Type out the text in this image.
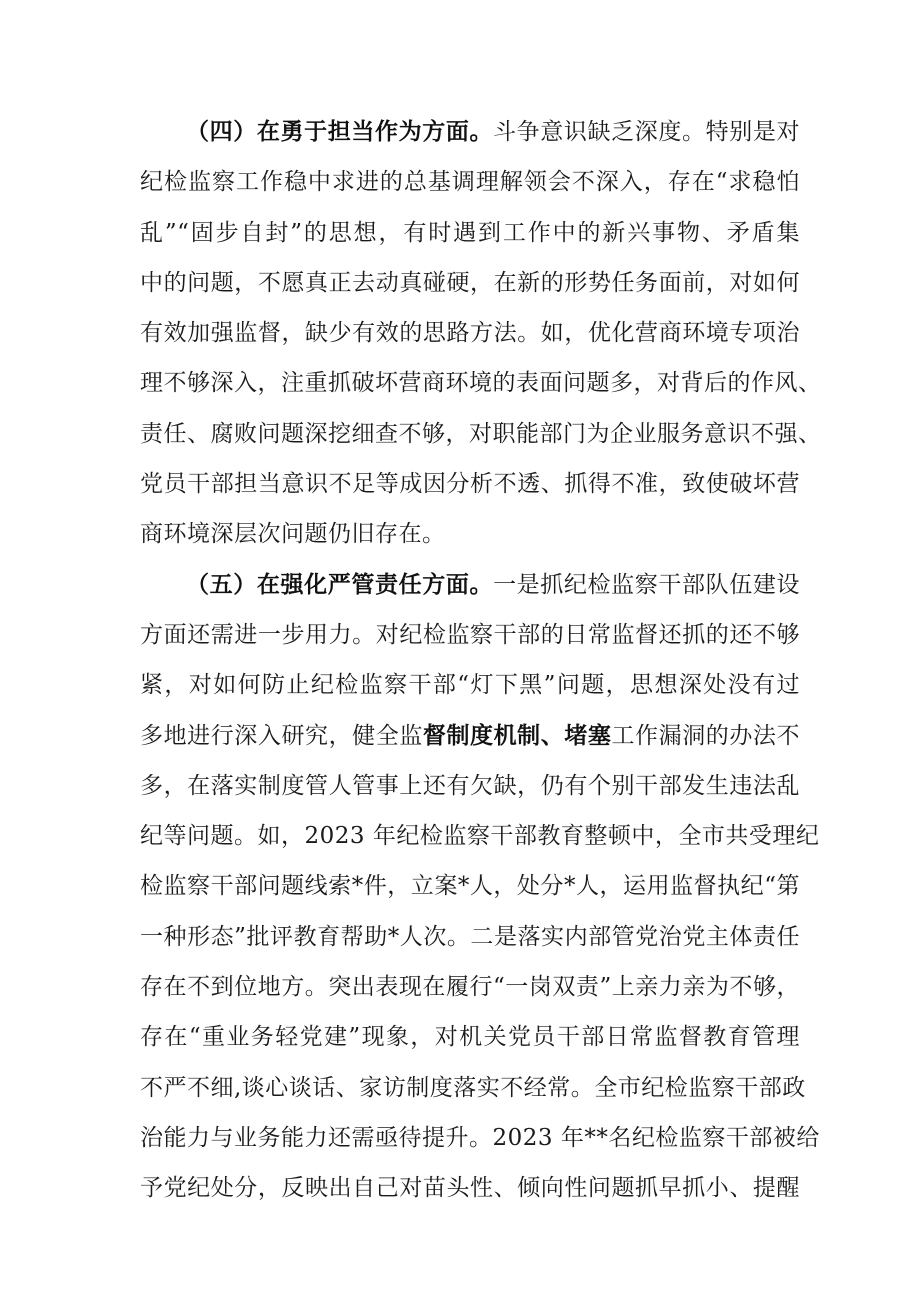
（四）在勇于担当作为方面。斗争意识缺乏深度。特别是对
纪检监察工作稳中求进的总基调理解领会不深入，存在“求稳怕
乱”“固步自封”的思想，有时遇到工作中的新兴事物、矛盾集
中的问题，不愿真正去动真碰硬，在新的形势任务面前，对如何
有效加强监督，缺少有效的思路方法。如，优化营商环境专项治
理不够深入，注重抓破坏营商环境的表面问题多，对背后的作风、
责任、腐败问题深挖细查不够，对职能部门为企业服务意识不强、
党员干部担当意识不足等成因分析不透、抓得不准，致使破坏营
商环境深层次问题仍旧存在。
（五）在强化严管责任方面。一是抓纪检监察干部队伍建设
方面还需进一步用力。对纪检监察干部的日常监督还抓的还不够
紧，对如何防止纪检监察干部“灯下黑”问题，思想深处没有过
多地进行深入研究，健全监督制度机制、堵塞工作漏洞的办法不
多，在落实制度管人管事上还有欠缺，仍有个别干部发生违法乱
纪等问题。如，2023 年纪检监察干部教育整顿中，全市共受理纪
检监察干部问题线索*件，立案*人，处分*人，运用监督执纪“第
一种形态”批评教育帮助*人次。二是落实内部管党治党主体责任
存在不到位地方。突出表现在履行“一岗双责”上亲力亲为不够，
存在“重业务轻党建”现象，对机关党员干部日常监督教育管理
不严不细,谈心谈话、家访制度落实不经常。全市纪检监察干部政
治能力与业务能力还需亟待提升。2023 年**名纪检监察干部被给
予党纪处分，反映出自己对苗头性、倾向性问题抓早抓小、提醒
